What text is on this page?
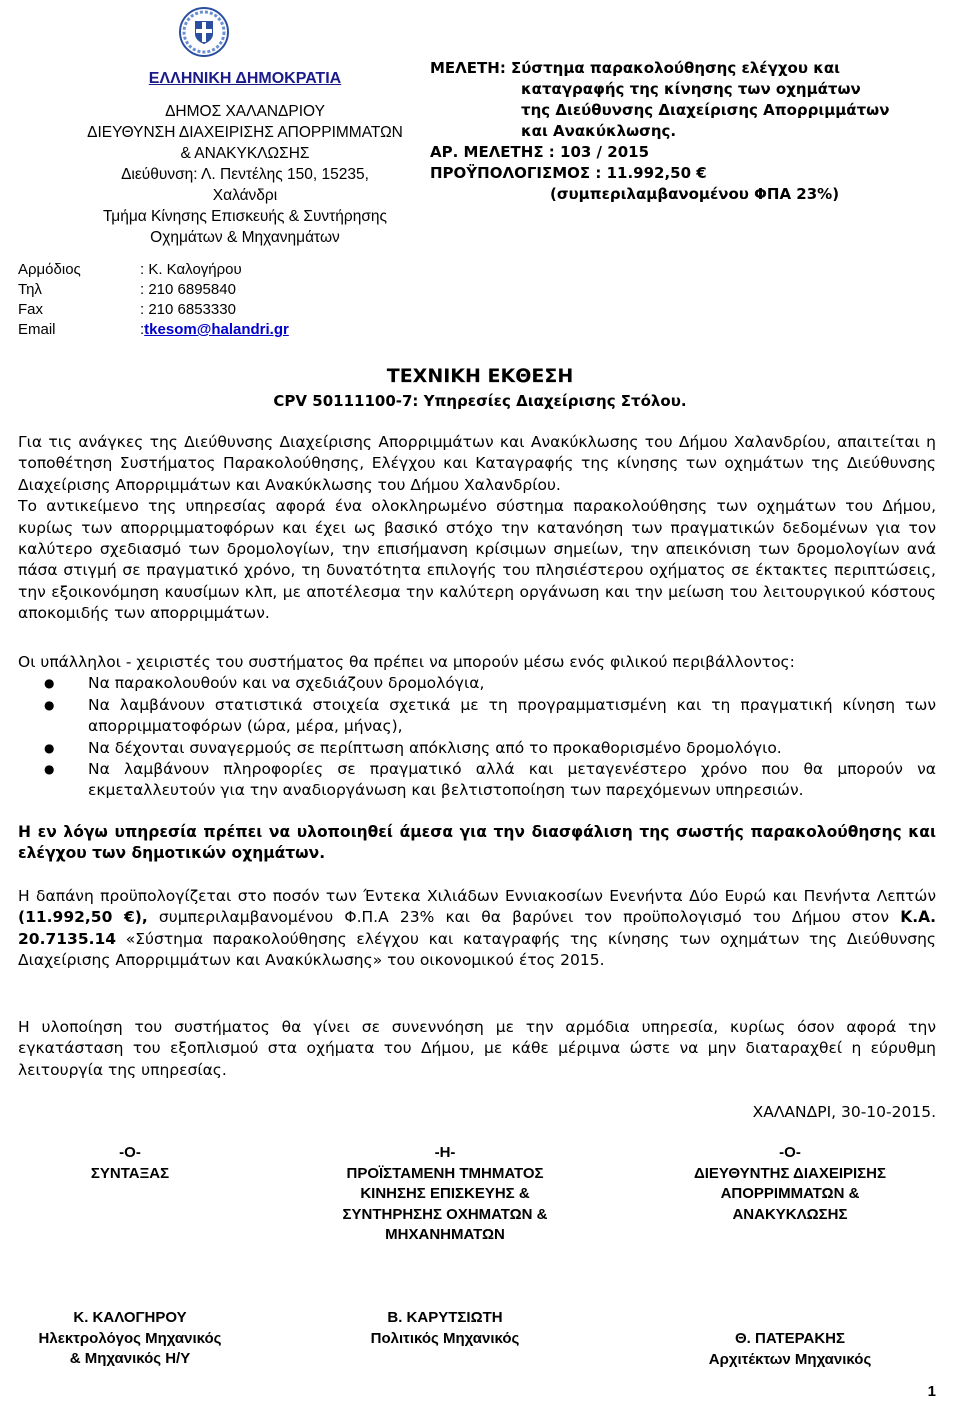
ΕΛΛΗΝΙΚΗ ΔΗΜΟΚΡΑΤΙΑ
ΔΗΜΟΣ ΧΑΛΑΝΔΡΙΟΥ
ΔΙΕΥΘΥΝΣΗ ΔΙΑΧΕΙΡΙΣΗΣ ΑΠΟΡΡΙΜΜΑΤΩΝ
& ΑΝΑΚΥΚΛΩΣΗΣ
Διεύθυνση: Λ. Πεντέλης 150, 15235,
Χαλάνδρι
Τμήμα Κίνησης Επισκευής & Συντήρησης
Οχημάτων & Μηχανημάτων
Αρμόδιος	: Κ. Καλογήρου
Τηλ	: 210 6895840
Fax	: 210 6853330
Email	: tkesom@halandri.gr
ΜΕΛΕΤΗ: Σύστημα παρακολούθησης ελέγχου και
καταγραφής της κίνησης των οχημάτων
της Διεύθυνσης Διαχείρισης Απορριμμάτων
και Ανακύκλωσης.
ΑΡ. ΜΕΛΕΤΗΣ : 103 / 2015
ΠΡΟΫΠΟΛΟΓΙΣΜΟΣ : 11.992,50 €
(συμπεριλαμβανομένου ΦΠΑ 23%)
ΤΕΧΝΙΚΗ ΕΚΘΕΣΗ
CPV 50111100-7: Υπηρεσίες Διαχείρισης Στόλου.

Για τις ανάγκες της Διεύθυνσης Διαχείρισης Απορριμμάτων και Ανακύκλωσης του Δήμου Χαλανδρίου, απαιτείται η τοποθέτηση Συστήματος Παρακολούθησης, Ελέγχου και Καταγραφής της κίνησης των οχημάτων της Διεύθυνσης Διαχείρισης Απορριμμάτων και Ανακύκλωσης του Δήμου Χαλανδρίου.

Το αντικείμενο της υπηρεσίας αφορά ένα ολοκληρωμένο σύστημα παρακολούθησης των οχημάτων του Δήμου, κυρίως των απορριμματοφόρων και έχει ως βασικό στόχο την κατανόηση των πραγματικών δεδομένων για τον καλύτερο σχεδιασμό των δρομολογίων, την επισήμανση κρίσιμων σημείων, την απεικόνιση των δρομολογίων ανά πάσα στιγμή σε πραγματικό χρόνο, τη δυνατότητα επιλογής του πλησιέστερου οχήματος σε έκτακτες περιπτώσεις, την εξοικονόμηση καυσίμων κλπ, με αποτέλεσμα την καλύτερη οργάνωση και την μείωση του λειτουργικού κόστους αποκομιδής των απορριμμάτων.

Οι υπάλληλοι - χειριστές του συστήματος θα πρέπει να μπορούν μέσω ενός φιλικού περιβάλλοντος:

●	Να παρακολουθούν και να σχεδιάζουν δρομολόγια,
●	Να λαμβάνουν στατιστικά στοιχεία σχετικά με τη προγραμματισμένη και τη πραγματική κίνηση των απορριμματοφόρων (ώρα, μέρα, μήνας),
●	Να δέχονται συναγερμούς σε περίπτωση απόκλισης από το προκαθορισμένο δρομολόγιο.
●	Να λαμβάνουν πληροφορίες σε πραγματικό αλλά και μεταγενέστερο χρόνο που θα μπορούν να εκμεταλλευτούν για την αναδιοργάνωση και βελτιστοποίηση των παρεχόμενων υπηρεσιών.

Η εν λόγω υπηρεσία πρέπει να υλοποιηθεί άμεσα για την διασφάλιση της σωστής παρακολούθησης και ελέγχου των δημοτικών οχημάτων.

Η δαπάνη προϋπολογίζεται στο ποσόν των Έντεκα Χιλιάδων Εννιακοσίων Ενενήντα Δύο Ευρώ και Πενήντα Λεπτών (11.992,50 €), συμπεριλαμβανομένου Φ.Π.Α 23% και θα βαρύνει τον προϋπολογισμό του Δήμου στον Κ.Α. 20.7135.14 «Σύστημα παρακολούθησης ελέγχου και καταγραφής της κίνησης των οχημάτων της Διεύθυνσης Διαχείρισης Απορριμμάτων και Ανακύκλωσης» του οικονομικού έτος 2015.

Η υλοποίηση του συστήματος θα γίνει σε συνεννόηση με την αρμόδια υπηρεσία, κυρίως όσον αφορά την εγκατάσταση του εξοπλισμού στα οχήματα του Δήμου, με κάθε μέριμνα ώστε να μην διαταραχθεί η εύρυθμη λειτουργία της υπηρεσίας.

ΧΑΛΑΝΔΡΙ, 30-10-2015.
-Ο-
ΣΥΝΤΑΞΑΣ
Κ. ΚΑΛΟΓΗΡΟΥ
Ηλεκτρολόγος Μηχανικός
& Μηχανικός Η/Υ
-Η-
ΠΡΟΪΣΤΑΜΕΝΗ ΤΜΗΜΑΤΟΣ
ΚΙΝΗΣΗΣ ΕΠΙΣΚΕΥΗΣ &
ΣΥΝΤΗΡΗΣΗΣ ΟΧΗΜΑΤΩΝ &
ΜΗΧΑΝΗΜΑΤΩΝ
Β. ΚΑΡΥΤΣΙΩΤΗ
Πολιτικός Μηχανικός
-Ο-
ΔΙΕΥΘΥΝΤΗΣ ΔΙΑΧΕΙΡΙΣΗΣ
ΑΠΟΡΡΙΜΜΑΤΩΝ &
ΑΝΑΚΥΚΛΩΣΗΣ
Θ. ΠΑΤΕΡΑΚΗΣ
Αρχιτέκτων Μηχανικός
1
